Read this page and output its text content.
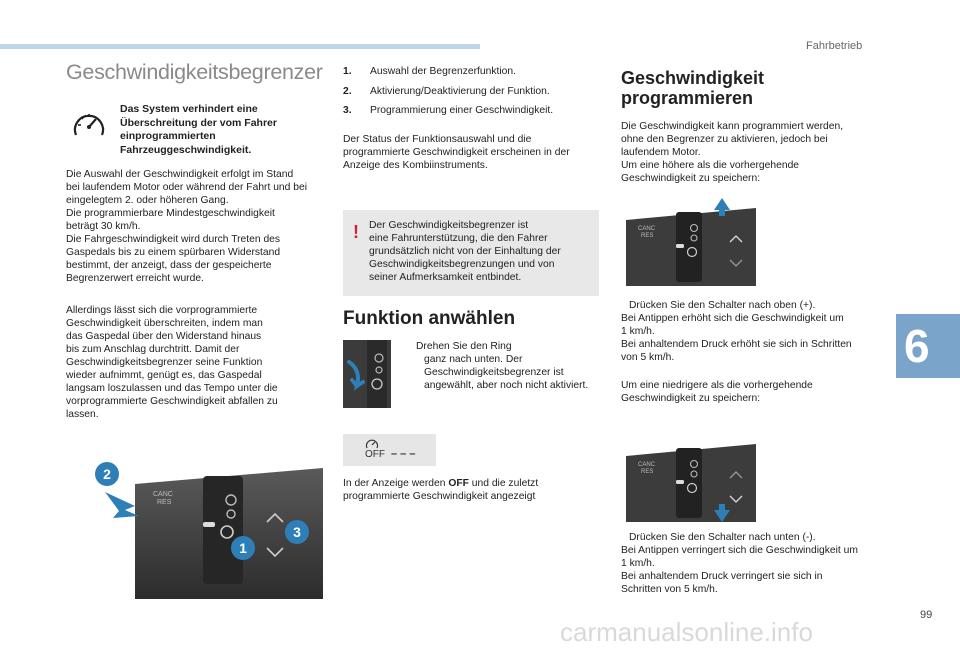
Fahrbetrieb
6
99
carmanualsonline.info
Geschwindigkeitsbegrenzer
Das System verhindert eine Überschreitung der vom Fahrer einprogrammierten Fahrzeuggeschwindigkeit.

Die Auswahl der Geschwindigkeit erfolgt im Stand

bei laufendem Motor oder während der Fahrt und bei

eingelegtem 2. oder höheren Gang.

Die programmierbare Mindestgeschwindigkeit

beträgt 30 km/h.

Die Fahrgeschwindigkeit wird durch Treten des

Gaspedals bis zu einem spürbaren Widerstand

bestimmt, der anzeigt, dass der gespeicherte

Begrenzerwert erreicht wurde.

Allerdings lässt sich die vorprogrammierte

Geschwindigkeit überschreiten, indem man

das Gaspedal über den Widerstand hinaus

bis zum Anschlag durchtritt. Damit der

Geschwindigkeitsbegrenzer seine Funktion

wieder aufnimmt, genügt es, das Gaspedal

langsam loszulassen und das Tempo unter die

vorprogrammierte Geschwindigkeit abfallen zu

lassen.

CANC
RES
2
3
1
1. Auswahl der Begrenzerfunktion.
2. Aktivierung/Deaktivierung der Funktion.
3. Programmierung einer Geschwindigkeit.

Der Status der Funktionsauswahl und die

programmierte Geschwindigkeit erscheinen in der

Anzeige des Kombiinstruments.

! Der Geschwindigkeitsbegrenzer ist

eine Fahrunterstützung, die den Fahrer

grundsätzlich nicht von der Einhaltung der

Geschwindigkeitsbegrenzungen und von

seiner Aufmerksamkeit entbindet.

Funktion anwählen

Drehen Sie den Ring

ganz nach unten. Der

Geschwindigkeitsbegrenzer ist

angewählt, aber noch nicht aktiviert.

OFF – – –

In der Anzeige werden OFF und die zuletzt

programmierte Geschwindigkeit angezeigt

Geschwindigkeit
programmieren

Die Geschwindigkeit kann programmiert werden,

ohne den Begrenzer zu aktivieren, jedoch bei

laufendem Motor.

Um eine höhere als die vorhergehende

Geschwindigkeit zu speichern:

CANC
RES

Drücken Sie den Schalter nach oben (+).

Bei Antippen erhöht sich die Geschwindigkeit um

1 km/h.

Bei anhaltendem Druck erhöht sie sich in Schritten

von 5 km/h.

Um eine niedrigere als die vorhergehende

Geschwindigkeit zu speichern:

CANC
RES

Drücken Sie den Schalter nach unten (-).

Bei Antippen verringert sich die Geschwindigkeit um

1 km/h.

Bei anhaltendem Druck verringert sie sich in

Schritten von 5 km/h.
